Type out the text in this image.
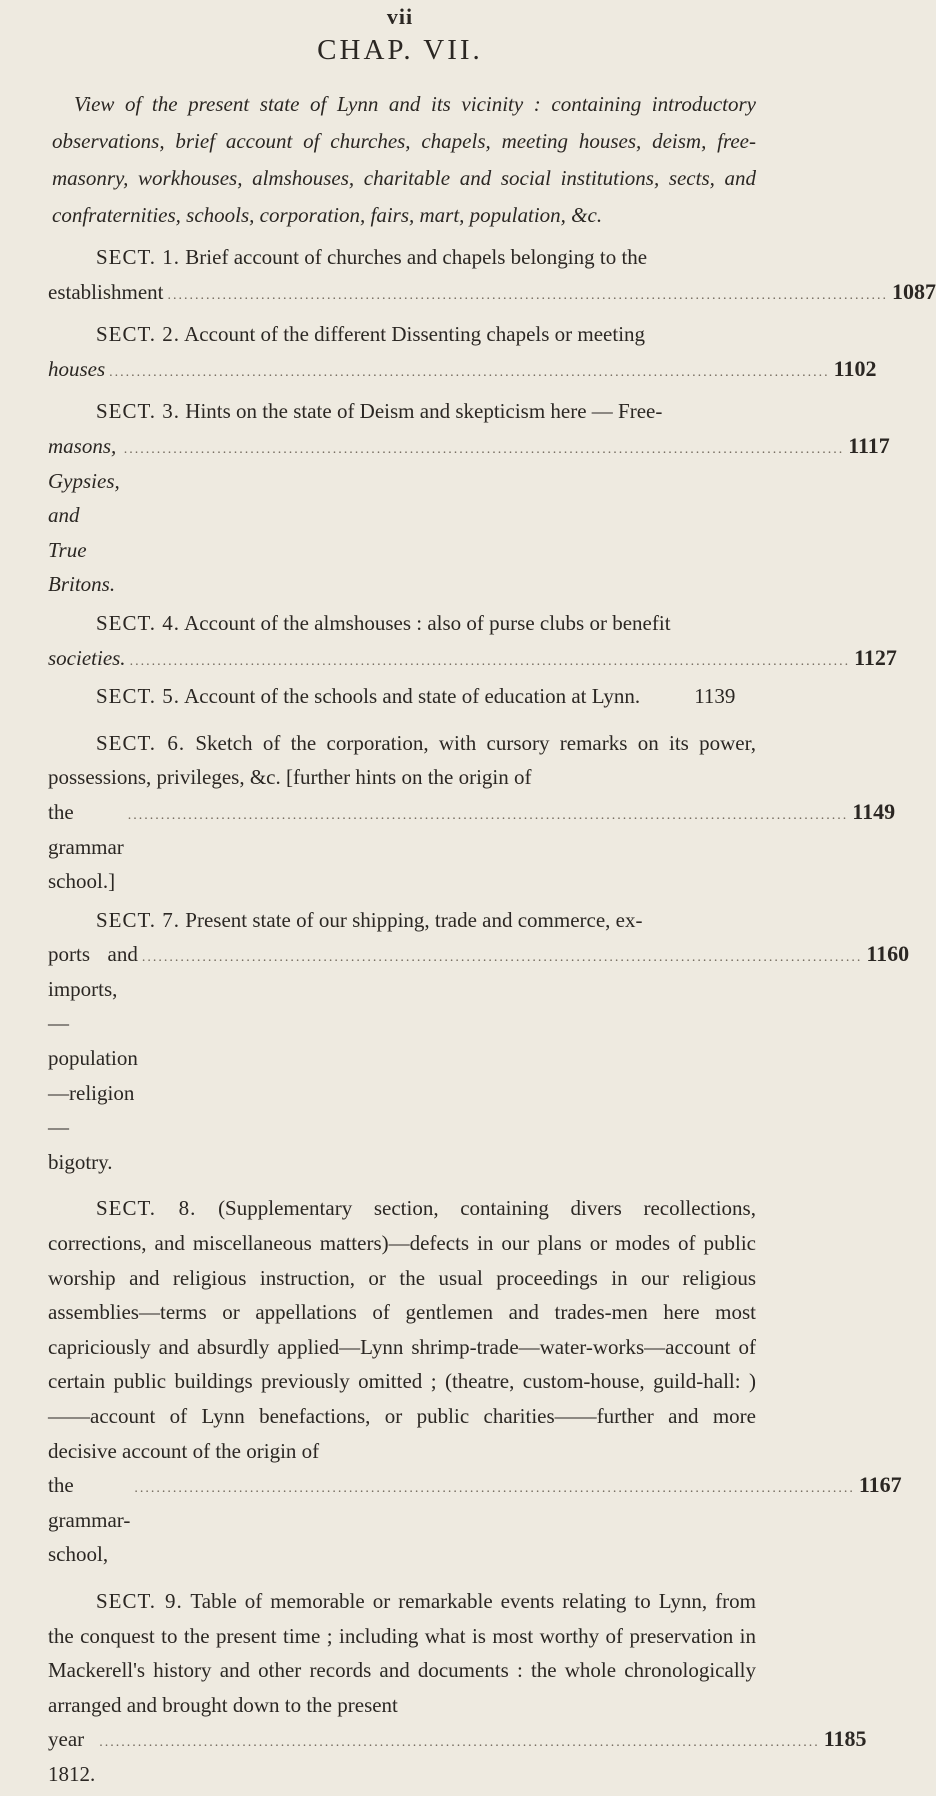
vii
CHAP. VII.
View of the present state of Lynn and its vicinity : containing introductory observations, brief account of churches, chapels, meeting houses, deism, free-masonry, workhouses, almshouses, charitable and social institutions, sects, and confraternities, schools, corporation, fairs, mart, population, &c.
SECT. 1. Brief account of churches and chapels belonging to the
establishment ................................................................................................................................... 1087
SECT. 2. Account of the different Dissenting chapels or meeting
houses ................................................................................................................................... 1102
SECT. 3. Hints on the state of Deism and skepticism here — Free-
masons, Gypsies, and True Britons.
................................................................................................................................... 1117
SECT. 4. Account of the almshouses : also of purse clubs or benefit
societies. ................................................................................................................................... 1127
SECT. 5. Account of the schools and state of education at Lynn.	1139
SECT. 6. Sketch of the corporation, with cursory remarks on its power, possessions, privileges, &c. [further hints on the origin of
the grammar school.]
................................................................................................................................... 1149
SECT. 7. Present state of our shipping, trade and commerce, ex-
ports and imports,—population—religion— bigotry.
................................................................................................................................... 1160
SECT. 8. (Supplementary section, containing divers recollections, corrections, and miscellaneous matters)—defects in our plans or modes of public worship and religious instruction, or the usual proceedings in our religious assemblies—terms or appellations of gentlemen and trades-men here most capriciously and absurdly applied—Lynn shrimp-trade—water-works—account of certain public buildings previously omitted ; (theatre, custom-house, guild-hall: )——account of Lynn benefactions, or public charities——further and more decisive account of the origin of
the grammar-school,
................................................................................................................................... 1167
SECT. 9. Table of memorable or remarkable events relating to Lynn, from the conquest to the present time ; including what is most worthy of preservation in Mackerell's history and other records and documents : the whole chronologically arranged and brought down to the present
year 1812.
................................................................................................................................... 1185
